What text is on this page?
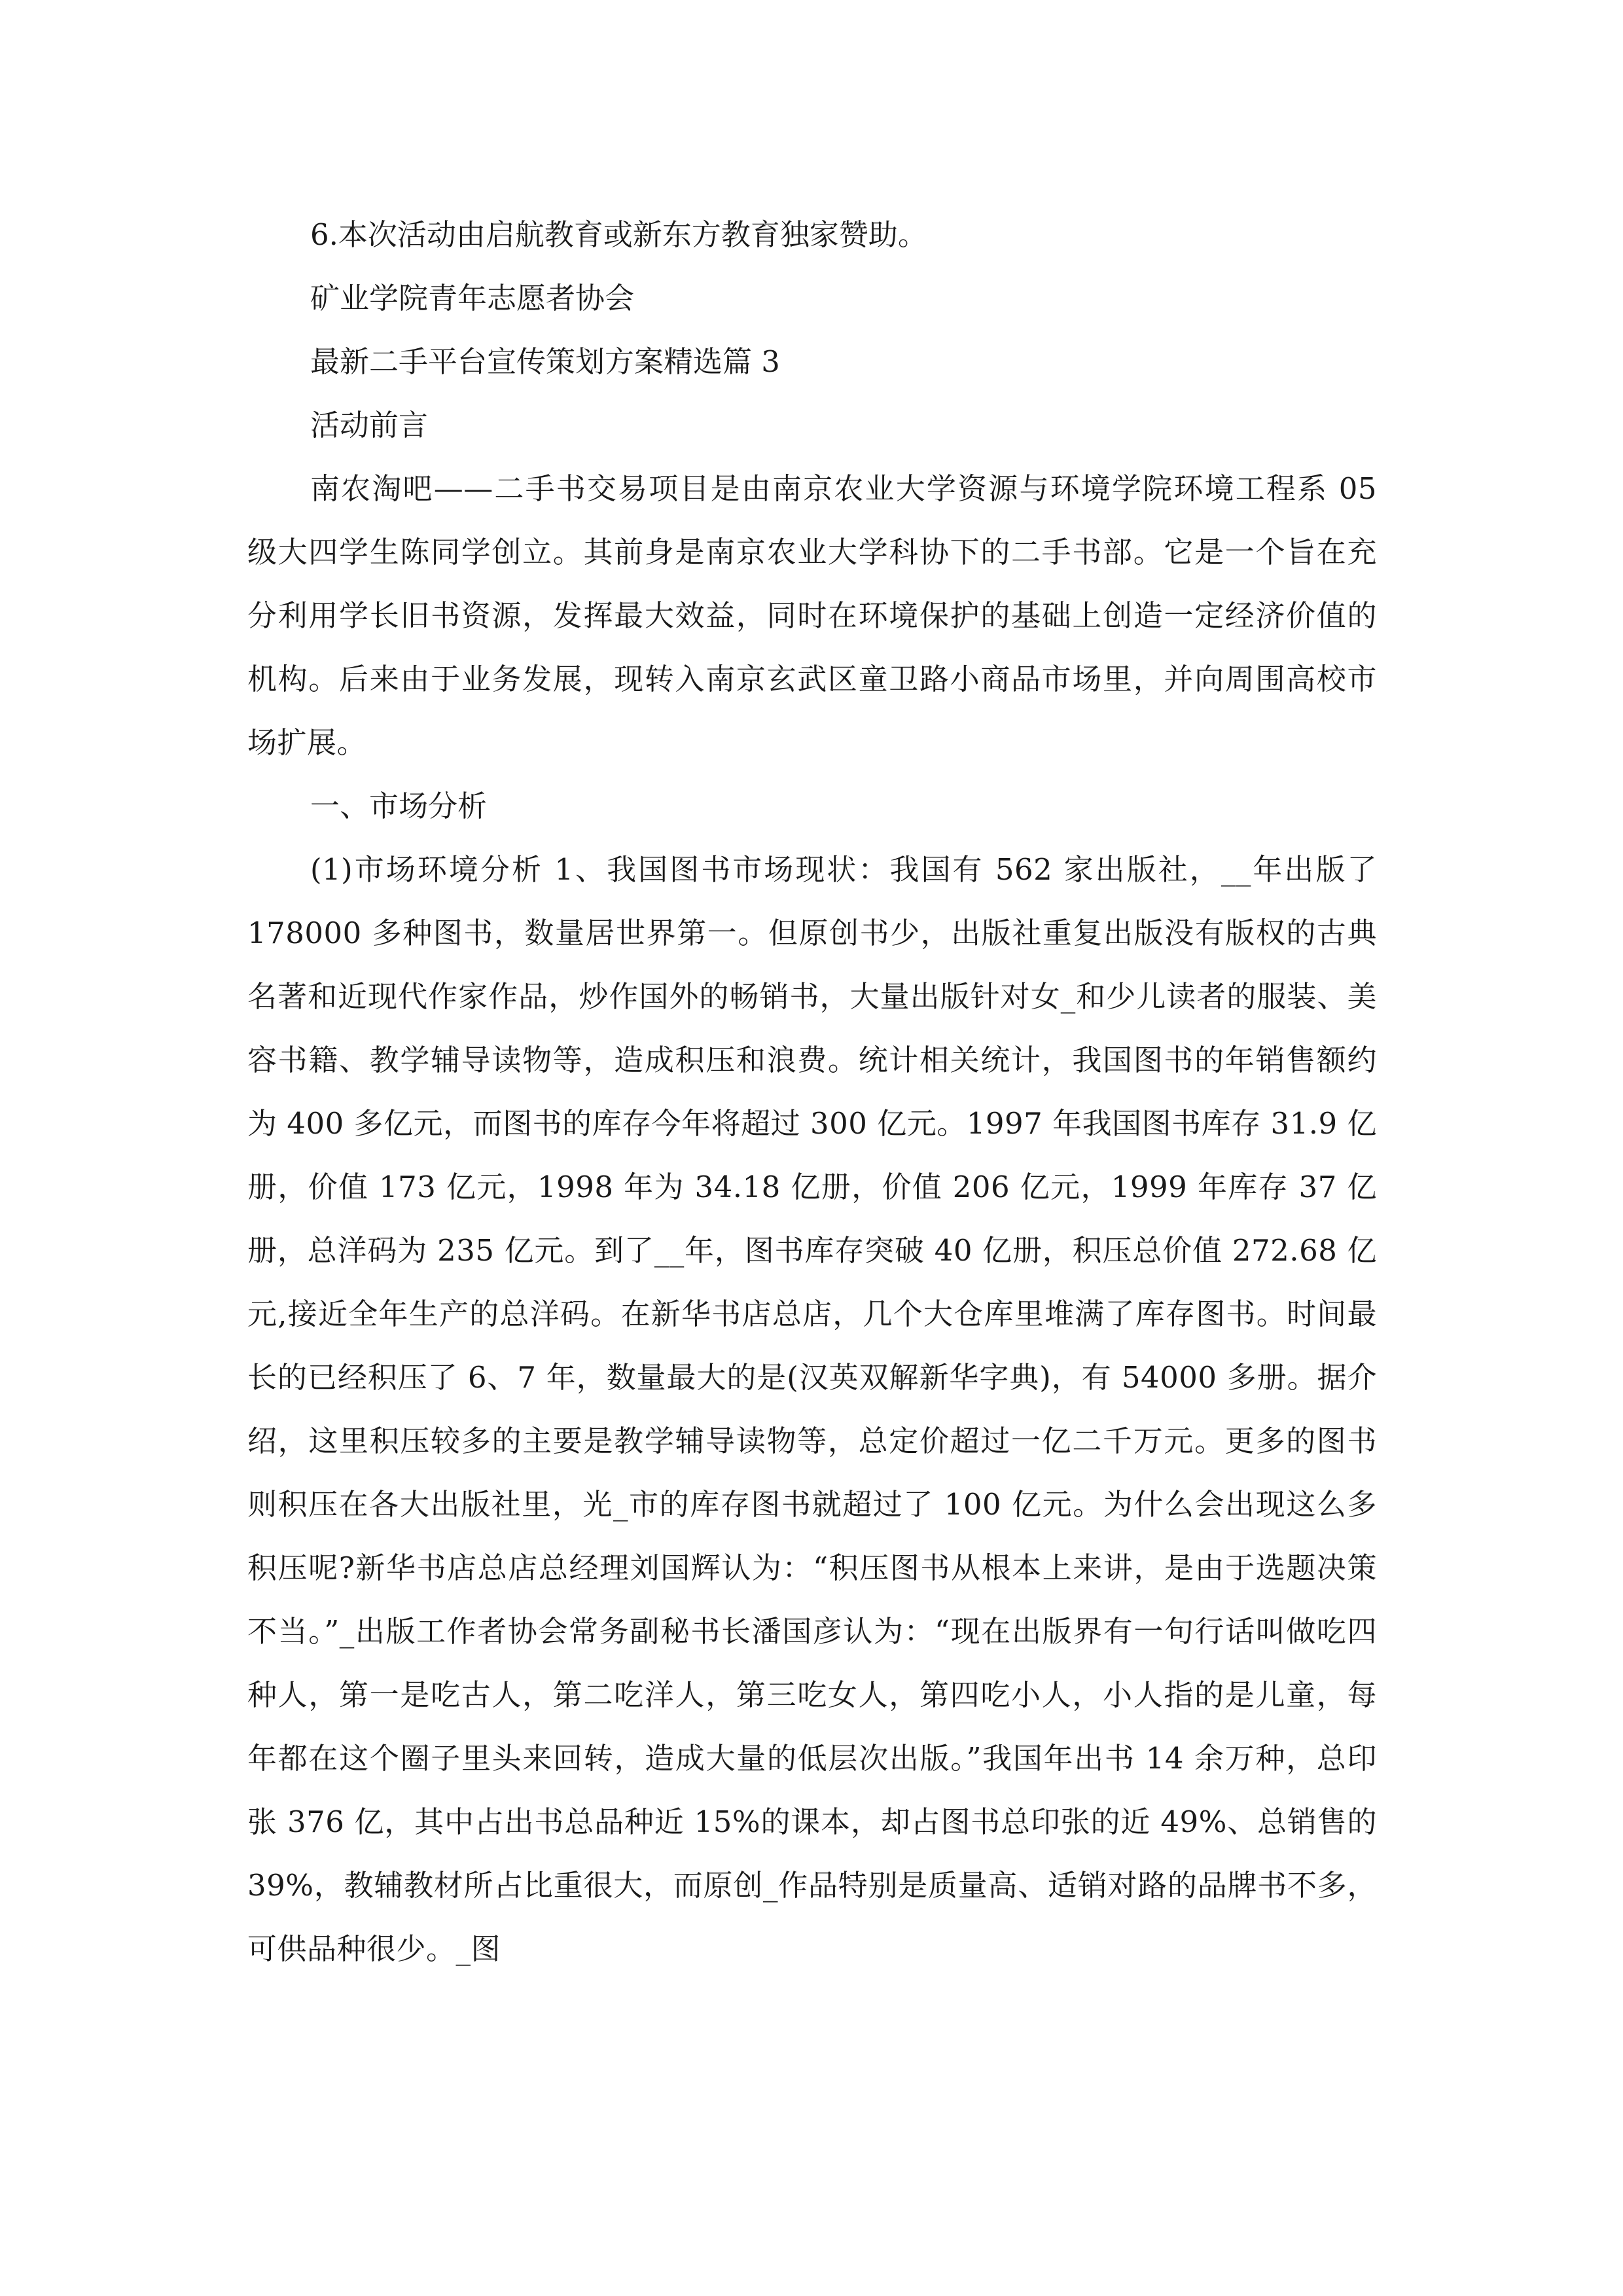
6.本次活动由启航教育或新东方教育独家赞助。

矿业学院青年志愿者协会

最新二手平台宣传策划方案精选篇 3

活动前言

南农淘吧——二手书交易项目是由南京农业大学资源与环境学院环境工程系 05 级大四学生陈同学创立。其前身是南京农业大学科协下的二手书部。它是一个旨在充分利用学长旧书资源，发挥最大效益，同时在环境保护的基础上创造一定经济价值的机构。后来由于业务发展，现转入南京玄武区童卫路小商品市场里，并向周围高校市场扩展。

一、市场分析

(1)市场环境分析 1、我国图书市场现状：我国有 562 家出版社，__年出版了 178000 多种图书，数量居世界第一。但原创书少，出版社重复出版没有版权的古典名著和近现代作家作品，炒作国外的畅销书，大量出版针对女_和少儿读者的服装、美容书籍、教学辅导读物等，造成积压和浪费。统计相关统计，我国图书的年销售额约为 400 多亿元，而图书的库存今年将超过 300 亿元。1997 年我国图书库存 31.9 亿册，价值 173 亿元，1998 年为 34.18 亿册，价值 206 亿元，1999 年库存 37 亿册，总洋码为 235 亿元。到了__年，图书库存突破 40 亿册，积压总价值 272.68 亿元,接近全年生产的总洋码。在新华书店总店，几个大仓库里堆满了库存图书。时间最长的已经积压了 6、7 年，数量最大的是(汉英双解新华字典)，有 54000 多册。据介绍，这里积压较多的主要是教学辅导读物等，总定价超过一亿二千万元。更多的图书则积压在各大出版社里，光_市的库存图书就超过了 100 亿元。为什么会出现这么多积压呢?新华书店总店总经理刘国辉认为：“积压图书从根本上来讲，是由于选题决策不当。”_出版工作者协会常务副秘书长潘国彦认为：“现在出版界有一句行话叫做吃四种人，第一是吃古人，第二吃洋人，第三吃女人，第四吃小人，小人指的是儿童，每年都在这个圈子里头来回转，造成大量的低层次出版。”我国年出书 14 余万种，总印张 376 亿，其中占出书总品种近 15%的课本，却占图书总印张的近 49%、总销售的 39%，教辅教材所占比重很大，而原创_作品特别是质量高、适销对路的品牌书不多，可供品种很少。_图
